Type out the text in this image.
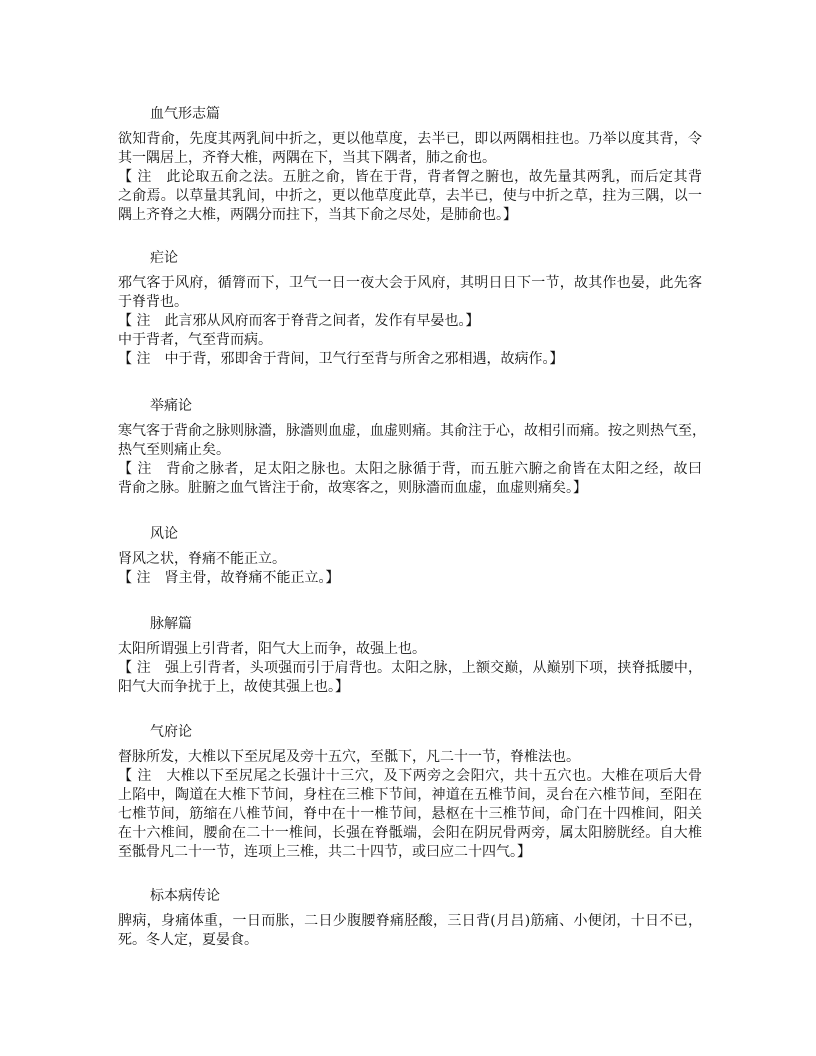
血气形志篇
欲知背俞，先度其两乳间中折之，更以他草度，去半已，即以两隅相拄也。乃举以度其背，令
其一隅居上，齐脊大椎，两隅在下，当其下隅者，肺之俞也。
【 注　此论取五俞之法。五脏之俞，皆在于背，背者胷之腑也，故先量其两乳，而后定其背
之俞焉。以草量其乳间，中折之，更以他草度此草，去半已，使与中折之草，拄为三隅，以一
隅上齐脊之大椎，两隅分而拄下，当其下俞之尽处，是肺俞也。】
疟论
邪气客于风府，循膂而下，卫气一日一夜大会于风府，其明日日下一节，故其作也晏，此先客
于脊背也。
【 注　此言邪从风府而客于脊背之间者，发作有早晏也。】
中于背者，气至背而病。
【 注　中于背，邪即舍于背间，卫气行至背与所舍之邪相遇，故病作。】
举痛论
寒气客于背俞之脉则脉濇，脉濇则血虚，血虚则痛。其俞注于心，故相引而痛。按之则热气至，
热气至则痛止矣。
【 注　背俞之脉者，足太阳之脉也。太阳之脉循于背，而五脏六腑之俞皆在太阳之经，故曰
背俞之脉。脏腑之血气皆注于俞，故寒客之，则脉濇而血虚，血虚则痛矣。】
风论
肾风之状，脊痛不能正立。
【 注　肾主骨，故脊痛不能正立。】
脉解篇
太阳所谓强上引背者，阳气大上而争，故强上也。
【 注　强上引背者，头项强而引于肩背也。太阳之脉，上额交巅，从巅别下项，挟脊抵腰中，
阳气大而争扰于上，故使其强上也。】
气府论
督脉所发，大椎以下至尻尾及旁十五穴，至骶下，凡二十一节，脊椎法也。
【 注　大椎以下至尻尾之长强计十三穴，及下两旁之会阳穴，共十五穴也。大椎在项后大骨
上陷中，陶道在大椎下节间，身柱在三椎下节间，神道在五椎节间，灵台在六椎节间，至阳在
七椎节间，筋缩在八椎节间，脊中在十一椎节间，悬枢在十三椎节间，命门在十四椎间，阳关
在十六椎间，腰俞在二十一椎间，长强在脊骶端，会阳在阴尻骨两旁，属太阳膀胱经。自大椎
至骶骨凡二十一节，连项上三椎，共二十四节，或曰应二十四气。】
标本病传论
脾病，身痛体重，一日而胀，二日少腹腰脊痛胫酸，三日背(月吕)筋痛、小便闭，十日不已，
死。冬人定，夏晏食。
